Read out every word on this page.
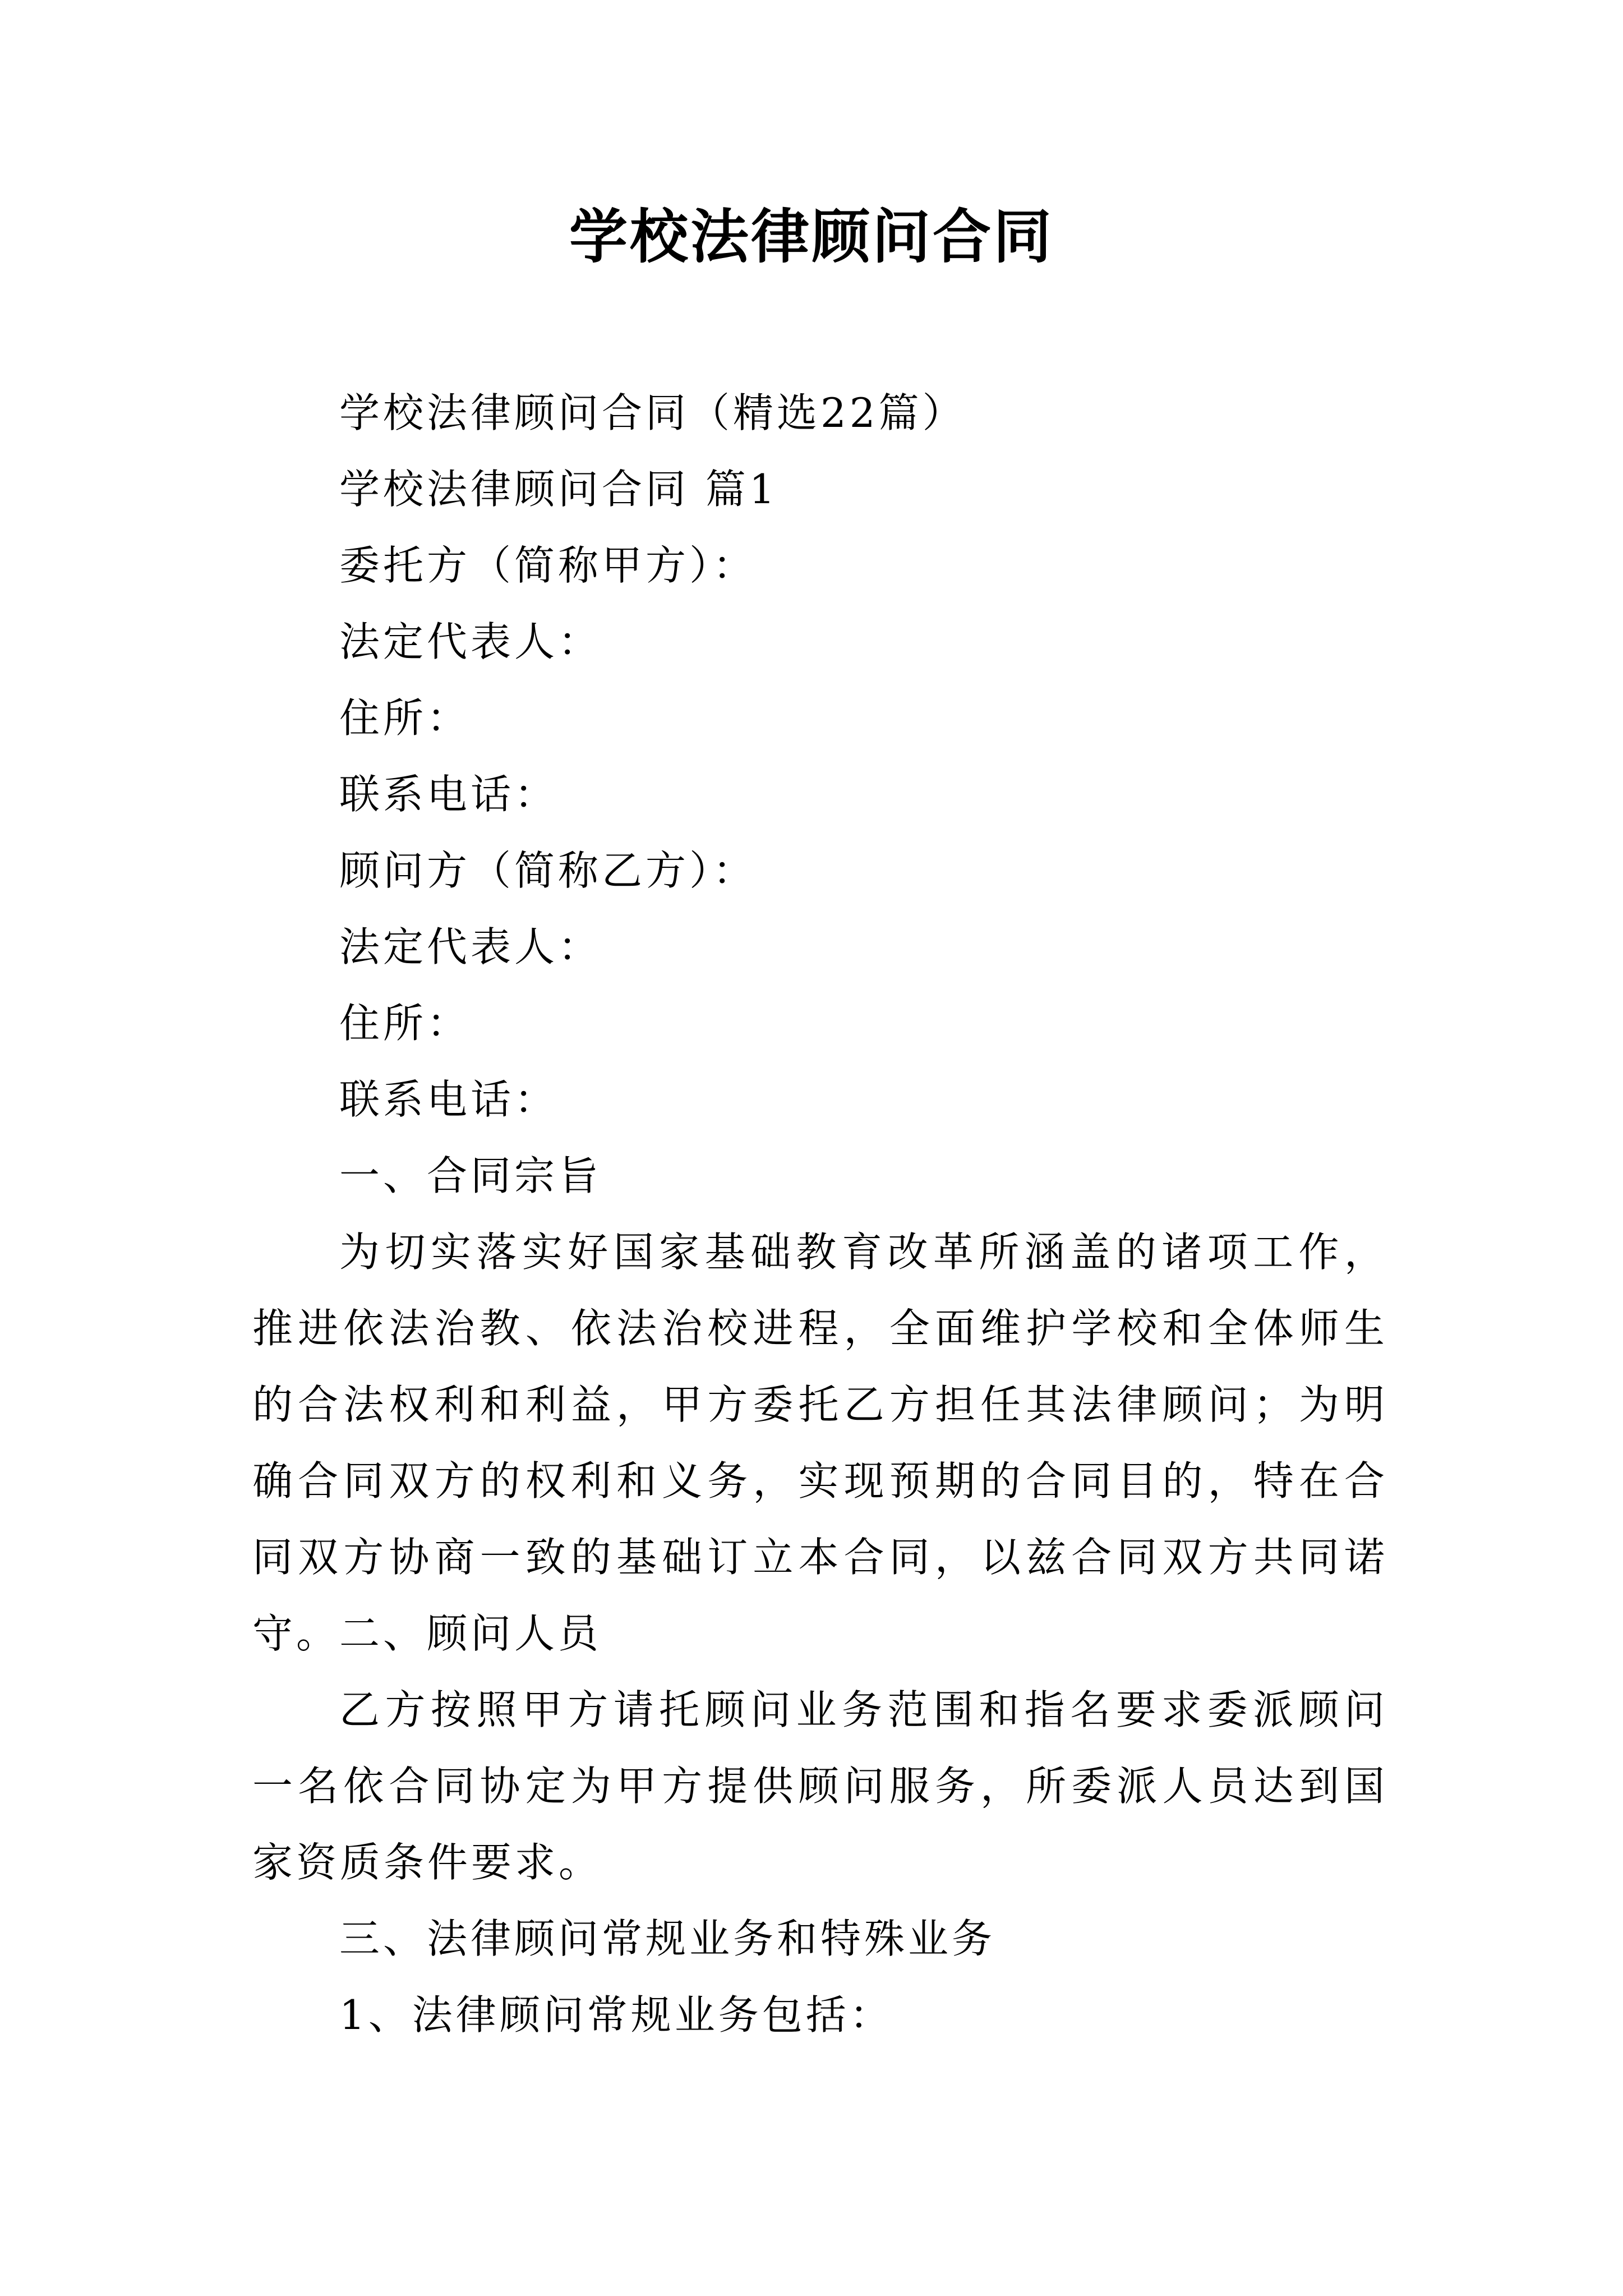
学校法律顾问合同
学校法律顾问合同（精选22篇）
学校法律顾问合同 篇1
委托方（简称甲方）：
法定代表人：
住所：
联系电话：
顾问方（简称乙方）：
法定代表人：
住所：
联系电话：
一、合同宗旨
为切实落实好国家基础教育改革所涵盖的诸项工作，推进依法治教、依法治校进程，全面维护学校和全体师生的合法权利和利益，甲方委托乙方担任其法律顾问；为明确合同双方的权利和义务，实现预期的合同目的，特在合同双方协商一致的基础订立本合同，以兹合同双方共同诺守。
二、顾问人员
乙方按照甲方请托顾问业务范围和指名要求委派顾问一名依合同协定为甲方提供顾问服务，所委派人员达到国家资质条件要求。
三、法律顾问常规业务和特殊业务
1、法律顾问常规业务包括：
